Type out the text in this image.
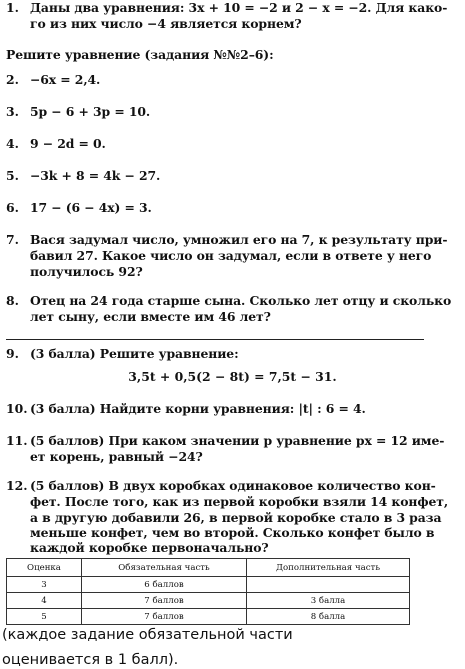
1. Даны два уравнения: 3x + 10 = −2 и 2 − x = −2. Для како-
го из них число −4 является корнем?
Решите уравнение (задания №№2–6):
2. −6x = 2,4.
3. 5p − 6 + 3p = 10.
4. 9 − 2d = 0.
5. −3k + 8 = 4k − 27.
6. 17 − (6 − 4x) = 3.
7. Вася задумал число, умножил его на 7, к результату при-
бавил 27. Какое число он задумал, если в ответе у него
получилось 92?
8. Отец на 24 года старше сына. Сколько лет отцу и сколько
лет сыну, если вместе им 46 лет?
9. (3 балла) Решите уравнение:
3,5t + 0,5(2 − 8t) = 7,5t − 31.
10. (3 балла) Найдите корни уравнения: |t| : 6 = 4.
11. (5 баллов) При каком значении p уравнение px = 12 име-
ет корень, равный −24?
12. (5 баллов) В двух коробках одинаковое количество кон-
фет. После того, как из первой коробки взяли 14 конфет,
а в другую добавили 26, в первой коробке стало в 3 раза
меньше конфет, чем во второй. Сколько конфет было в
каждой коробке первоначально?
Оценка	Обязательная часть	Дополнительная часть
3	6 баллов	
4	7 баллов	3 балла
5	7 баллов	8 балла
(каждое задание обязательной части
оценивается в 1 балл).
